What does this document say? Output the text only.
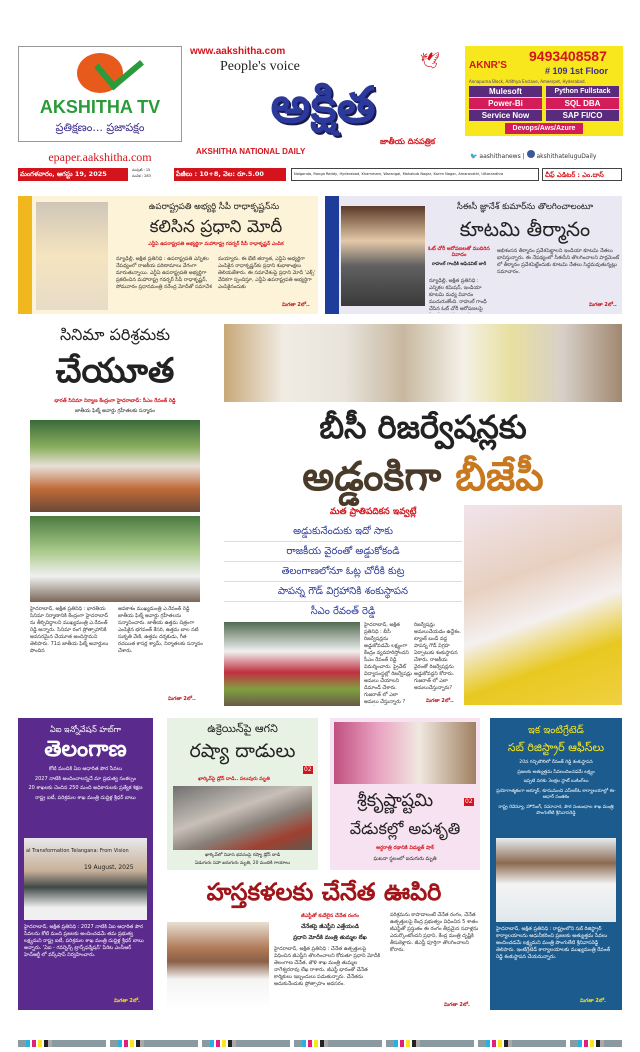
AKSHITHA TV
ప్రతిక్షణం... ప్రజాపక్షం
epaper.aakshitha.com
www.aakshitha.com
People's voice
అక్షిత
🕊
AKSHITHA NATIONAL DAILY
జాతీయ దినపత్రిక
AKNR'S
9493408587
# 109 1st Floor
Annapurna Block, Adithya Enclave, Ameerpet, Hyderabad.
Mulesoft	Python Fullstack
Power-Bi	SQL DBA
Service Now	SAP FI/CO
Devops/Aws/Azure
🐦 aashithanews |  akshithateluguDaily
మంగళవారం, ఆగస్టు 19, 2025	సంపుటి : 15
సంచిక : 283	పేజీలు : 10+8, వెల: రూ.5.00	Nalgonda, Ranga Reddy, Hyderabad, Khammam, Warangal, Mahabub Nagar, Karim Nagar, Amaravathi, Uttarandhra	చీఫ్ ఎడిటర్ : ఎం.దాస్
ఉపరాష్ట్రపతి అభ్యర్థి సీపీ రాధాకృష్ణన్‌ను
కలిసిన ప్రధాని మోదీ
ఎన్డీఏ ఉపరాష్ట్రపతి అభ్యర్థిగా మహారాష్ట్ర గవర్నర్ సీపీ రాధాకృష్ణన్ ఎంపిక
న్యూఢిల్లీ, అక్షిత ప్రతినిధి : ఉపరాష్ట్రపతి ఎన్నికల నేపథ్యంలో రాజకీయ పరిణామాలు వేగంగా మారుతున్నాయి. ఎన్డీఏ ఉపరాష్ట్రపతి అభ్యర్థిగా ప్రకటించిన మహారాష్ట్ర గవర్నర్ సీపీ రాధాకృష్ణన్, సోమవారం ప్రధానమంత్రి నరేంద్ర మోదీతో సమావేశ
మయ్యారు. ఈ భేటీ తర్వాత, ఎన్డీఏ అభ్యర్థిగా ఎంపికైన రాధాకృష్ణన్‌కు ప్రధాని శుభాకాంక్షలు తెలియజేశారు. ఈ సమావేశంపై ప్రధాని మోదీ 'ఎక్స్' వేదికగా స్పందిస్తూ, ఎన్డీఏ ఉపరాష్ట్రపతి అభ్యర్థిగా ఎంపికైనందుకు
మిగతా 2లో..
సీఈసీ జ్ఞానేశ్ కుమార్‌ను తొలగించాలంటూ
కూటమి తీర్మానం
ఓట్ చోరీ ఆరోపణలతో ముదిరిన వివాదం
రాహుల్ గాంధీకి అఫిడవిట్ జారీ
న్యూఢిల్లీ, అక్షిత ప్రతినిధి : ఎన్నికల కమిషన్, ఇండియా కూటమి మధ్య వివాదం ముదురుతోంది. రాహుల్ గాంధీ చేసిన ఓట్ చోరీ ఆరోపణలపై
అభిశంసన తీర్మానం ప్రవేశపెట్టాలని ఇండియా కూటమి నేతలు భావిస్తున్నారు. ఈ నేపథ్యంలో సీఈసీని తొలగించాలని పార్లమెంట్ లో తీర్మానం ప్రవేశపెట్టేందుకు కూటమి నేతలు సిద్ధమవుతున్నట్లు సమాచారం.
మిగతా 2లో..
సినిమా పరిశ్రమకు
చేయూత
భారత్ సినిమా నిర్మాణ కేంద్రంగా హైదరాబాద్: సీఎం రేవంత్ రెడ్డి
జాతీయ ఫిల్మ్ అవార్డు గ్రహీతలకు సన్మానం
హైదరాబాద్, అక్షిత ప్రతినిధి : భారతీయ సినిమా నిర్మాణానికి కేంద్రంగా హైదరాబాద్ ను తీర్చిదిద్దాలని ముఖ్యమంత్రి ఎ.రేవంత్ రెడ్డి అన్నారు. సినిమా రంగ ప్రోత్సాహానికి అవసరమైన చేయూత అందిస్తామని తెలిపారు. 71వ జాతీయ ఫిల్మ్ అవార్డులు పొందిన
అవకాశం ముఖ్యమంత్రి ఎ.రేవంత్ రెడ్డి జాతీయ ఫిల్మ్ అవార్డు గ్రహీతలను సన్మానించారు. జాతీయ ఉత్తమ చిత్రంగా ఎంపికైన భగవంత్ కేసరి, ఉత్తమ బాల నటి సుకృతి వేణి, ఉత్తమ దర్శకుడు, గీత రచయిత కాసర్ల శ్యామ్, నిర్మాతలకు సన్మానం చేశారు.
మిగతా 2లో..
బీసీ రిజర్వేషన్లకు
అడ్డంకిగా బీజేపీ
మత ప్రాతిపదికన ఇవ్వట్లే
అడ్డుకునేందుకు ఇదో సాకు
రాజకీయ వైరంతో అడ్డుకోకండి
తెలంగాణలోనూ ఓట్ల చోరీకి కుట్ర
పాపన్న గౌడ్ విగ్రహానికి శంకుస్థాపన
సీఎం రేవంత్ రెడ్డి
హైదరాబాద్, అక్షిత ప్రతినిధి : బీసీ రిజర్వేషన్లను అడ్డుకోవడమే లక్ష్యంగా కేంద్రం వ్యవహరిస్తోందని సీఎం రేవంత్ రెడ్డి విమర్శించారు. ప్రైవేట్ విద్యాసంస్థల్లో రిజర్వేషన్లు అమలు చేయాలని డిమాండ్ చేశారు. గుజరాత్ లో ఎలా అమలు చేస్తున్నారు ?
రిజర్వేషన్లు అమలుచేయడం ఉద్దేశం. ట్యాంక్ బండ్ వద్ద పాపన్న గౌడ్ విగ్రహ ఏర్పాటుకు శంకుస్థాపన చేశారు. రాజకీయ వైరంతో రిజర్వేషన్లను అడ్డుకోవద్దని కోరారు. గుజరాత్ లో ఎలా అమలుచేస్తున్నారు?
మిగతా 2లో..
ఏఐ ఇన్నోవేషన్ హబ్‌గా
తెలంగాణ
కోటి మందికి ఏఐ ఆధారిత పౌర సేవలు
2027 నాటికి అందించాలన్నదే మా ప్రభుత్వ సంకల్పం
20 శాఖలకు చెందిన 250 మంది అధికారులకు ప్రత్యేక శిక్షణ
రాష్ట్ర ఐటీ, పరిశ్రమల శాఖ మంత్రి దుద్దిళ్ల శ్రీధర్ బాబు
al Transformation Telangana: From Vision
19 August, 2025
హైదరాబాద్, అక్షిత ప్రతినిధి : 2027 నాటికి ఏఐ ఆధారిత పౌర సేవలను కోటి మంది ప్రజలకు అందించడమే తమ ప్రభుత్వ లక్ష్యమని రాష్ట్ర ఐటీ, పరిశ్రమల శాఖ మంత్రి దుద్దిళ్ల శ్రీధర్ బాబు అన్నారు. 'ఏఐ - గవర్నెన్స్ ట్రాన్స్‌ఫర్మేషన్' పేరిట ఎంసీఆర్ హెచ్ఆర్డీ లో వర్క్‌షాప్ నిర్వహించారు.
మిగతా 2లో.
ఉక్రెయిన్‌పై ఆగని
రష్యా దాడులు
02
ఖార్కివ్‌పై డ్రోన్ దాడి.. పలువురు మృతి
ఖార్కివ్‌లో నివాస భవనంపై రష్యా డ్రోన్ దాడి
ఏడుగురు సహా ఐదుగురు మృతి, 20 మందికి గాయాలు
శ్రీకృష్ణాష్టమి	02
వేడుకల్లో అపశృతి
అర్ధరాత్రి రథానికి విద్యుత్ షాక్
ఘటనా స్థలంలో ఐదుగురు మృతి
హస్తకళలకు చేనేత ఊపిరి
జీఎస్టీతో కుదేలైన చేనేత రంగం
చేనేతపై జీఎస్టీని ఎత్తేయండి
ప్రధాని మోదీకి మంత్రి తుమ్మల లేఖ
హైదరాబాద్, అక్షిత ప్రతినిధి : చేనేత ఉత్పత్తులపై విధించిన జీఎస్టీని తొలగించాలని కోరుతూ ప్రధాని మోదీకి తెలంగాణ చేనేత, జౌళి శాఖ మంత్రి తుమ్మల నాగేశ్వరరావు లేఖ రాశారు. జీఎస్టీ భారంతో చేనేత కార్మికులు ఇబ్బందులు పడుతున్నారు. చేనేతను ఆదుకునేందుకు ప్రోత్సాహం అవసరం.
పరిశ్రమను కాపాడాలంటే చేనేత రంగం, చేనేత ఉత్పత్తులపై కేంద్ర ప్రభుత్వం విధించిన 5 శాతం జీఎస్టీతో ప్రస్తుతం ఈ రంగం తీవ్రమైన సవాళ్లను ఎదుర్కొంటోందని ప్రధాని, కేంద్ర మంత్రి దృష్టికి తీసుకెళ్లారు. జీఎస్టీ పూర్తిగా తొలగించాలని కోరారు.
మిగతా 2లో.
ఇక ఇంటిగ్రేటెడ్
సబ్ రిజిస్ట్రార్ ఆఫీస్‌లు
20న గచ్చిబౌలిలో రేవంత్ రెడ్డి శంకుస్థాపన
ప్రజలకు అత్యుత్తమ సేవలందించడమే లక్ష్యం
ఇప్పటి వరకు 3లక్షల స్లాట్ బుకింగ్‌లు
ప్రయోగాత్మకంగా ఆర్మూర్, కూసుమంచి ఎస్ఆర్ఓ కార్యాలయాల్లో ఈ- ఆధార్ సంతకం
రాష్ట్ర రెవెన్యూ, హౌసింగ్, సమాచార, పౌర సంబంధాల శాఖ మంత్రి పొంగులేటి శ్రీనివాసరెడ్డి
హైదరాబాద్, అక్షిత ప్రతినిధి : రాష్ట్రంలోని సబ్ రిజిస్ట్రార్ కార్యాలయాలను ఆధునీకరించి ప్రజలకు అత్యుత్తమ సేవలు అందించడమే లక్ష్యమని మంత్రి పొంగులేటి శ్రీనివాసరెడ్డి తెలిపారు. ఇంటిగ్రేటెడ్ కార్యాలయాలకు ముఖ్యమంత్రి రేవంత్ రెడ్డి శంకుస్థాపన చేయనున్నారు.
మిగతా 2లో.
